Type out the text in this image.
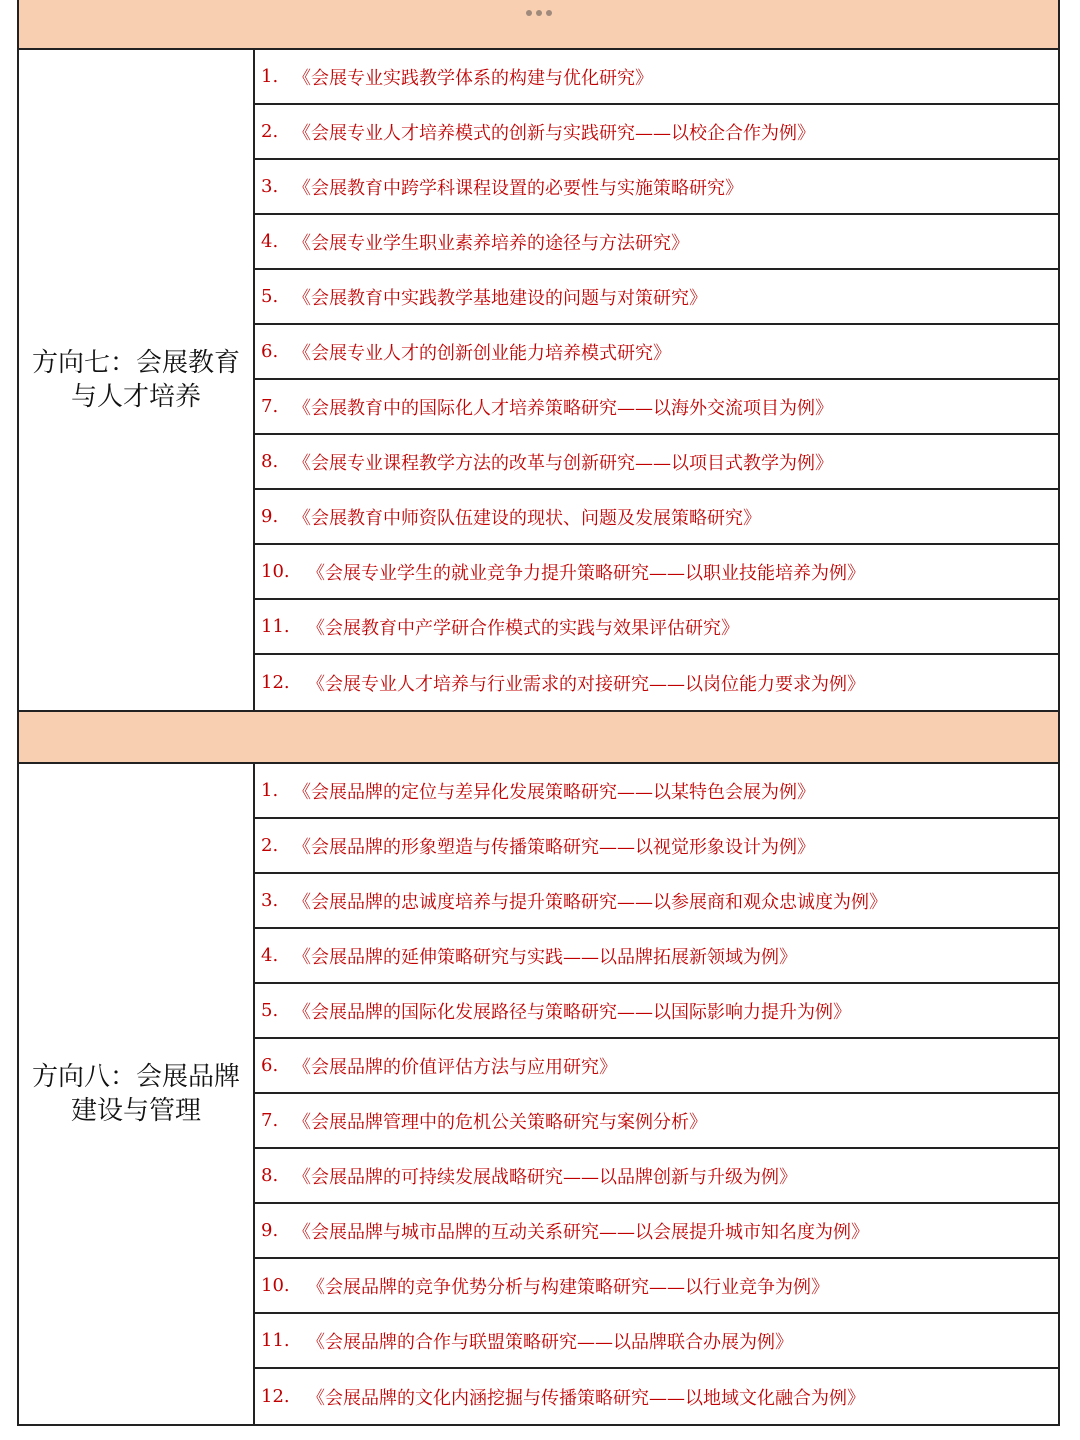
方向七：会展教育
与人才培养
1. 《会展专业实践教学体系的构建与优化研究》
2. 《会展专业人才培养模式的创新与实践研究——以校企合作为例》
3. 《会展教育中跨学科课程设置的必要性与实施策略研究》
4. 《会展专业学生职业素养培养的途径与方法研究》
5. 《会展教育中实践教学基地建设的问题与对策研究》
6. 《会展专业人才的创新创业能力培养模式研究》
7. 《会展教育中的国际化人才培养策略研究——以海外交流项目为例》
8. 《会展专业课程教学方法的改革与创新研究——以项目式教学为例》
9. 《会展教育中师资队伍建设的现状、问题及发展策略研究》
10. 《会展专业学生的就业竞争力提升策略研究——以职业技能培养为例》
11. 《会展教育中产学研合作模式的实践与效果评估研究》
12. 《会展专业人才培养与行业需求的对接研究——以岗位能力要求为例》
方向八：会展品牌
建设与管理
1. 《会展品牌的定位与差异化发展策略研究——以某特色会展为例》
2. 《会展品牌的形象塑造与传播策略研究——以视觉形象设计为例》
3. 《会展品牌的忠诚度培养与提升策略研究——以参展商和观众忠诚度为例》
4. 《会展品牌的延伸策略研究与实践——以品牌拓展新领域为例》
5. 《会展品牌的国际化发展路径与策略研究——以国际影响力提升为例》
6. 《会展品牌的价值评估方法与应用研究》
7. 《会展品牌管理中的危机公关策略研究与案例分析》
8. 《会展品牌的可持续发展战略研究——以品牌创新与升级为例》
9. 《会展品牌与城市品牌的互动关系研究——以会展提升城市知名度为例》
10. 《会展品牌的竞争优势分析与构建策略研究——以行业竞争为例》
11. 《会展品牌的合作与联盟策略研究——以品牌联合办展为例》
12. 《会展品牌的文化内涵挖掘与传播策略研究——以地域文化融合为例》
